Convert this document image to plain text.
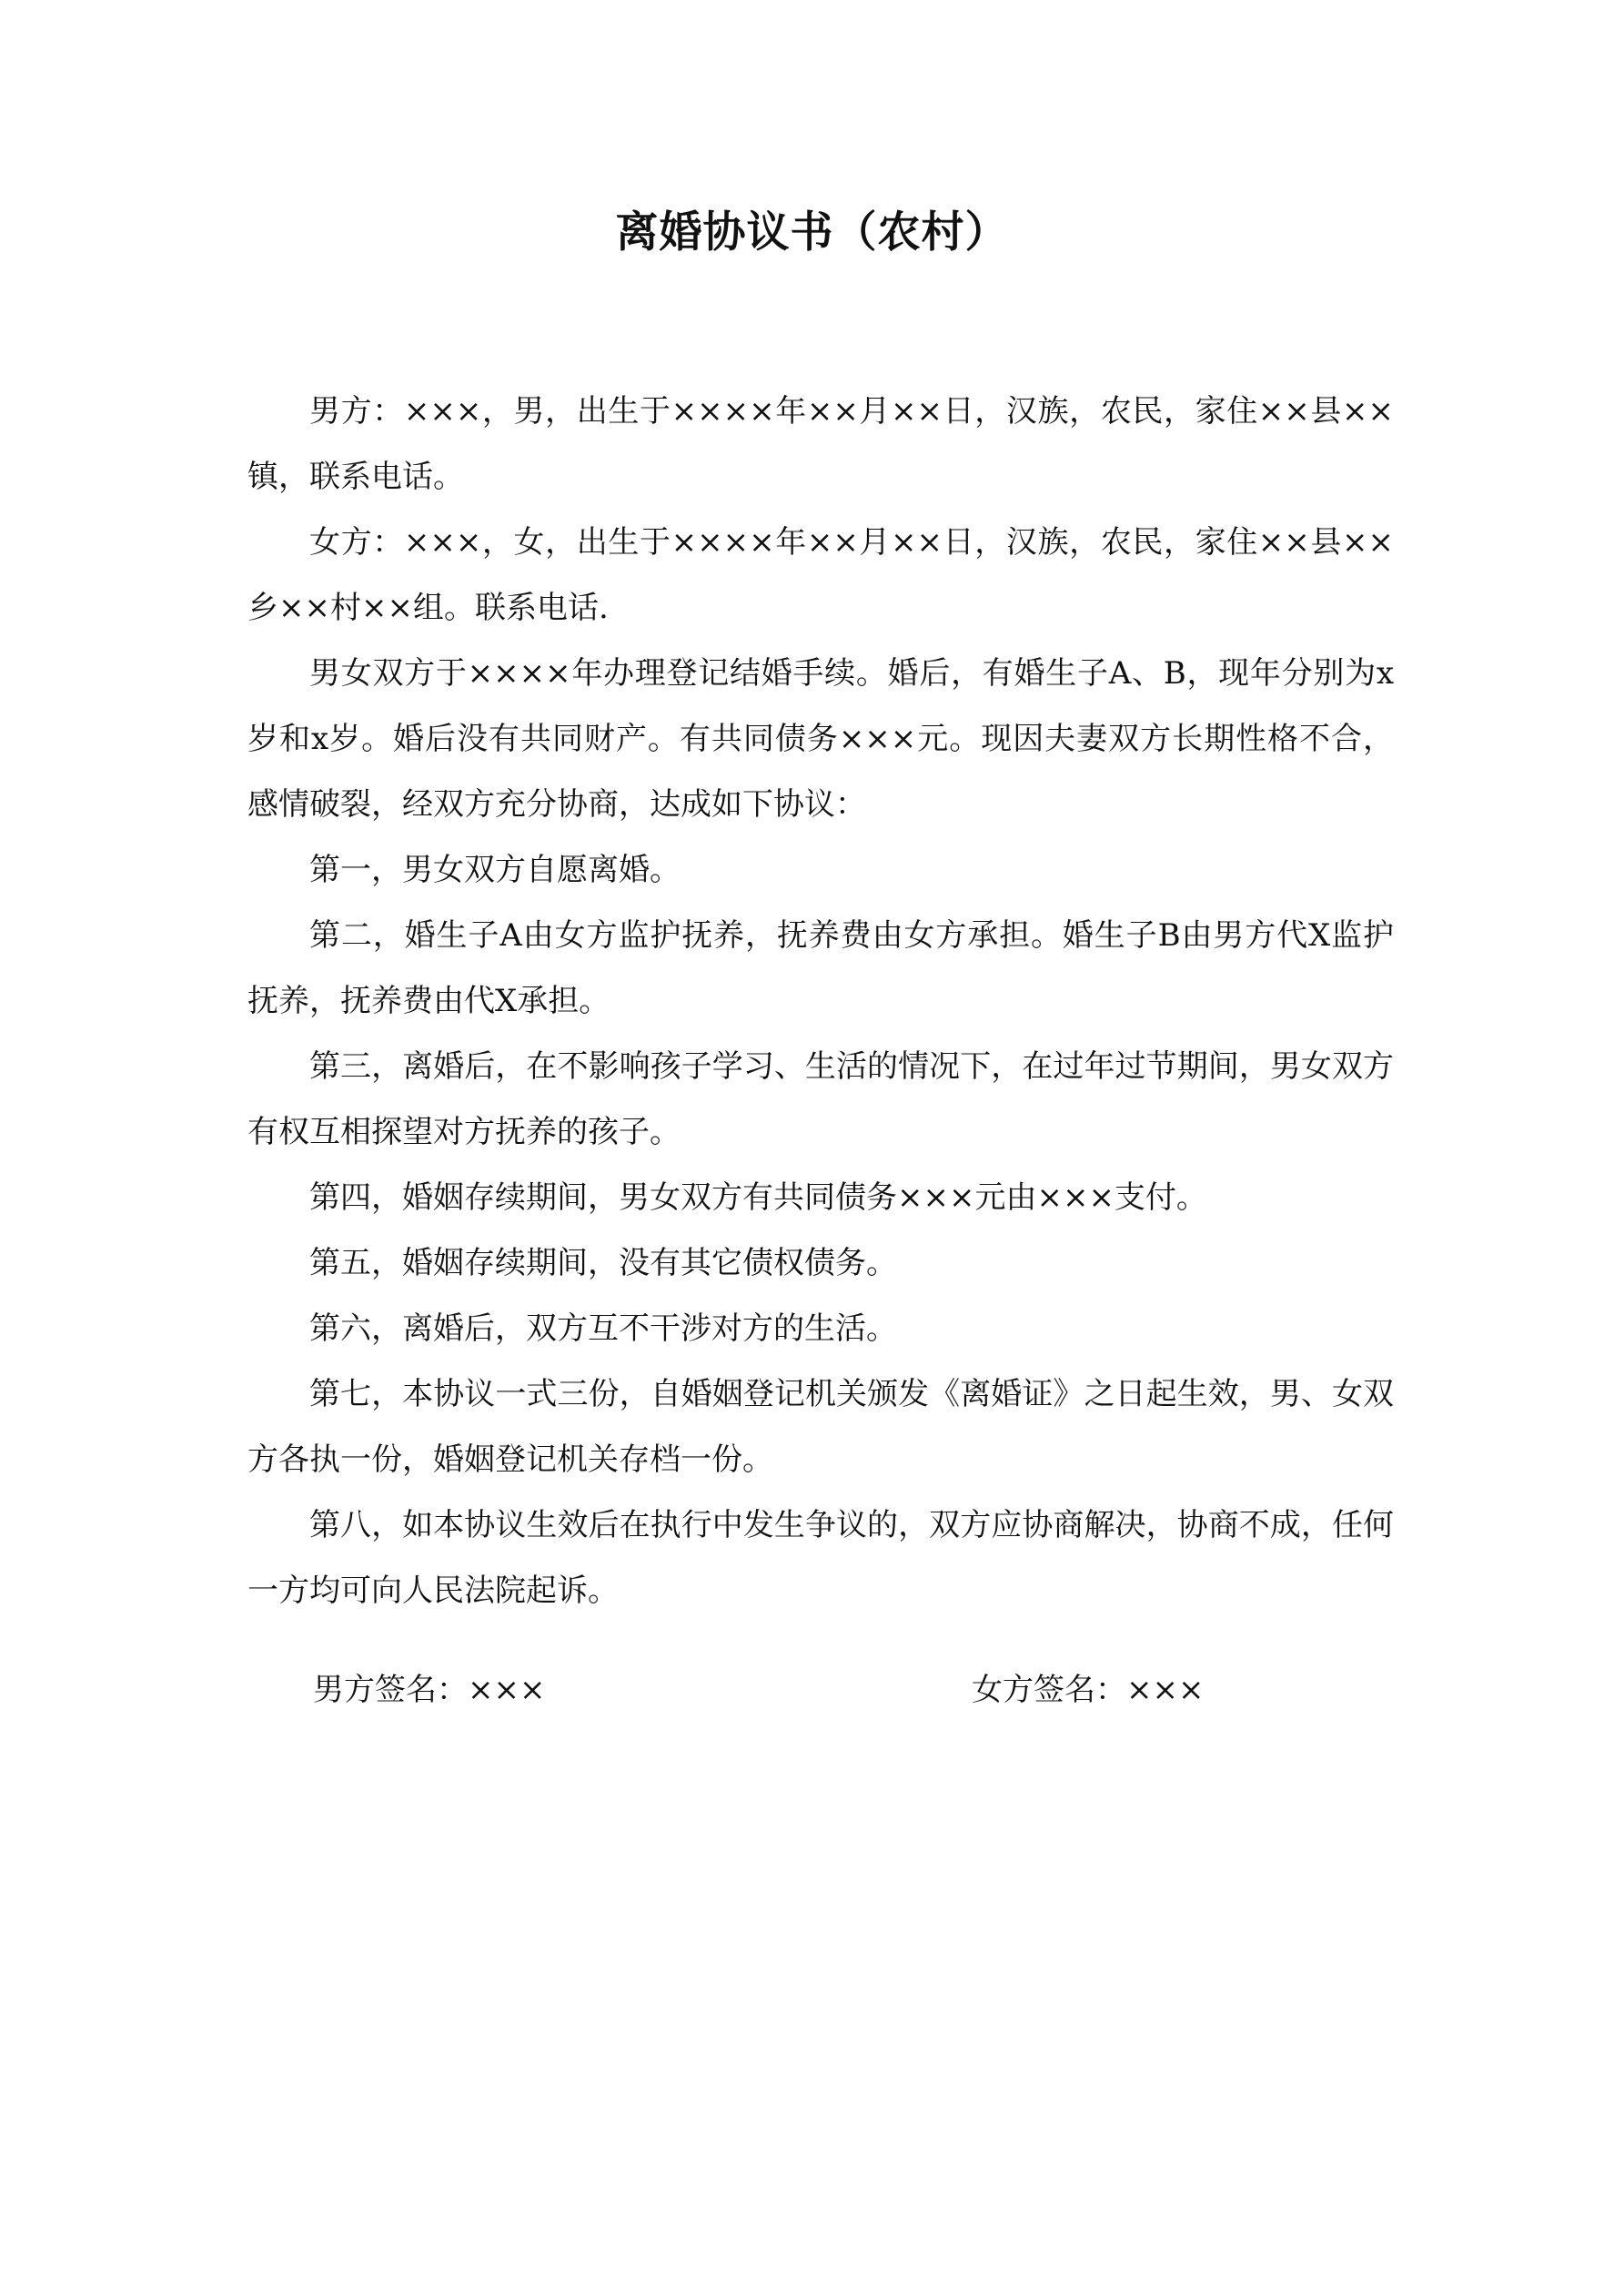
离婚协议书（农村）

男方：×××，男，出生于××××年××月××日，汉族，农民，家住××县××镇，联系电话。

女方：×××，女，出生于××××年××月××日，汉族，农民，家住××县××乡××村××组。联系电话.

男女双方于××××年办理登记结婚手续。婚后，有婚生子A、B，现年分别为x岁和x岁。婚后没有共同财产。有共同债务×××元。现因夫妻双方长期性格不合，感情破裂，经双方充分协商，达成如下协议：

第一，男女双方自愿离婚。

第二，婚生子A由女方监护抚养，抚养费由女方承担。婚生子B由男方代X监护抚养，抚养费由代X承担。

第三，离婚后，在不影响孩子学习、生活的情况下，在过年过节期间，男女双方有权互相探望对方抚养的孩子。

第四，婚姻存续期间，男女双方有共同债务×××元由×××支付。

第五，婚姻存续期间，没有其它债权债务。

第六，离婚后，双方互不干涉对方的生活。

第七，本协议一式三份，自婚姻登记机关颁发《离婚证》之日起生效，男、女双方各执一份，婚姻登记机关存档一份。

第八，如本协议生效后在执行中发生争议的，双方应协商解决，协商不成，任何一方均可向人民法院起诉。

男方签名：×××	女方签名：×××
